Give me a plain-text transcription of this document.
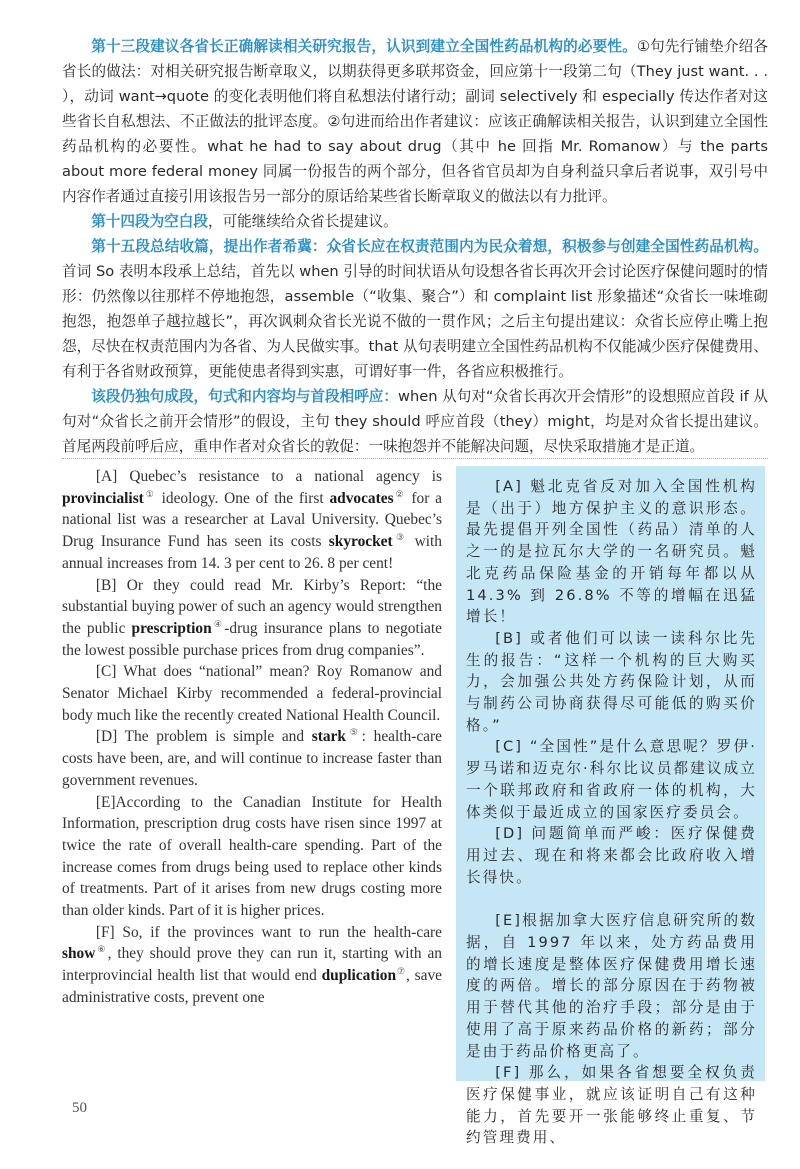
第十三段建议各省长正确解读相关研究报告，认识到建立全国性药品机构的必要性。①句先行铺垫介绍各省长的做法：对相关研究报告断章取义，以期获得更多联邦资金，回应第十一段第二句（They just want. . . ），动词 want→quote 的变化表明他们将自私想法付诸行动；副词 selectively 和 especially 传达作者对这些省长自私想法、不正做法的批评态度。②句进而给出作者建议：应该正确解读相关报告，认识到建立全国性药品机构的必要性。what he had to say about drug（其中 he 回指 Mr. Romanow）与 the parts about more federal money 同属一份报告的两个部分，但各省官员却为自身利益只拿后者说事，双引号中内容作者通过直接引用该报告另一部分的原话给某些省长断章取义的做法以有力批评。

第十四段为空白段，可能继续给众省长提建议。

第十五段总结收篇，提出作者希冀：众省长应在权责范围内为民众着想，积极参与创建全国性药品机构。首词 So 表明本段承上总结，首先以 when 引导的时间状语从句设想各省长再次开会讨论医疗保健问题时的情形：仍然像以往那样不停地抱怨，assemble（“收集、聚合”）和 complaint list 形象描述“众省长一味堆砌抱怨，抱怨单子越拉越长”，再次讽刺众省长光说不做的一贯作风；之后主句提出建议：众省长应停止嘴上抱怨，尽快在权责范围内为各省、为人民做实事。that 从句表明建立全国性药品机构不仅能减少医疗保健费用、有利于各省财政预算，更能使患者得到实惠，可谓好事一件，各省应积极推行。

该段仍独句成段，句式和内容均与首段相呼应：when 从句对“众省长再次开会情形”的设想照应首段 if 从句对“众省长之前开会情形”的假设，主句 they should 呼应首段（they）might，均是对众省长提出建议。首尾两段前呼后应，重申作者对众省长的敦促：一味抱怨并不能解决问题，尽快采取措施才是正道。

[A] Quebec’s resistance to a national agency is provincialist① ideology. One of the first advocates② for a national list was a researcher at Laval University. Quebec’s Drug Insurance Fund has seen its costs skyrocket③ with annual increases from 14. 3 per cent to 26. 8 per cent!

[B] Or they could read Mr. Kirby’s Report: “the substantial buying power of such an agency would strengthen the public prescription④-drug insurance plans to negotiate the lowest possible purchase prices from drug companies”.

[C] What does “national” mean? Roy Romanow and Senator Michael Kirby recommended a federal-provincial body much like the recently created National Health Council.

[D] The problem is simple and stark⑤: health-care costs have been, are, and will continue to increase faster than government revenues.

[E]According to the Canadian Institute for Health Information, prescription drug costs have risen since 1997 at twice the rate of overall health-care spending. Part of the increase comes from drugs being used to replace other kinds of treatments. Part of it arises from new drugs costing more than older kinds. Part of it is higher prices.

[F] So, if the provinces want to run the health-care show⑥, they should prove they can run it, starting with an interprovincial health list that would end duplication⑦, save administrative costs, prevent one

[A] 魁北克省反对加入全国性机构是（出于）地方保护主义的意识形态。最先提倡开列全国性（药品）清单的人之一的是拉瓦尔大学的一名研究员。魁北克药品保险基金的开销每年都以从 14.3% 到 26.8% 不等的增幅在迅猛增长！

[B] 或者他们可以读一读科尔比先生的报告：“这样一个机构的巨大购买力，会加强公共处方药保险计划，从而与制药公司协商获得尽可能低的购买价格。”

[C] “全国性”是什么意思呢？罗伊·罗马诺和迈克尔·科尔比议员都建议成立一个联邦政府和省政府一体的机构，大体类似于最近成立的国家医疗委员会。

[D] 问题简单而严峻：医疗保健费用过去、现在和将来都会比政府收入增长得快。

[E]根据加拿大医疗信息研究所的数据，自 1997 年以来，处方药品费用的增长速度是整体医疗保健费用增长速度的两倍。增长的部分原因在于药物被用于替代其他的治疗手段；部分是由于使用了高于原来药品价格的新药；部分是由于药品价格更高了。

[F] 那么，如果各省想要全权负责医疗保健事业，就应该证明自己有这种能力，首先要开一张能够终止重复、节约管理费用、

50
